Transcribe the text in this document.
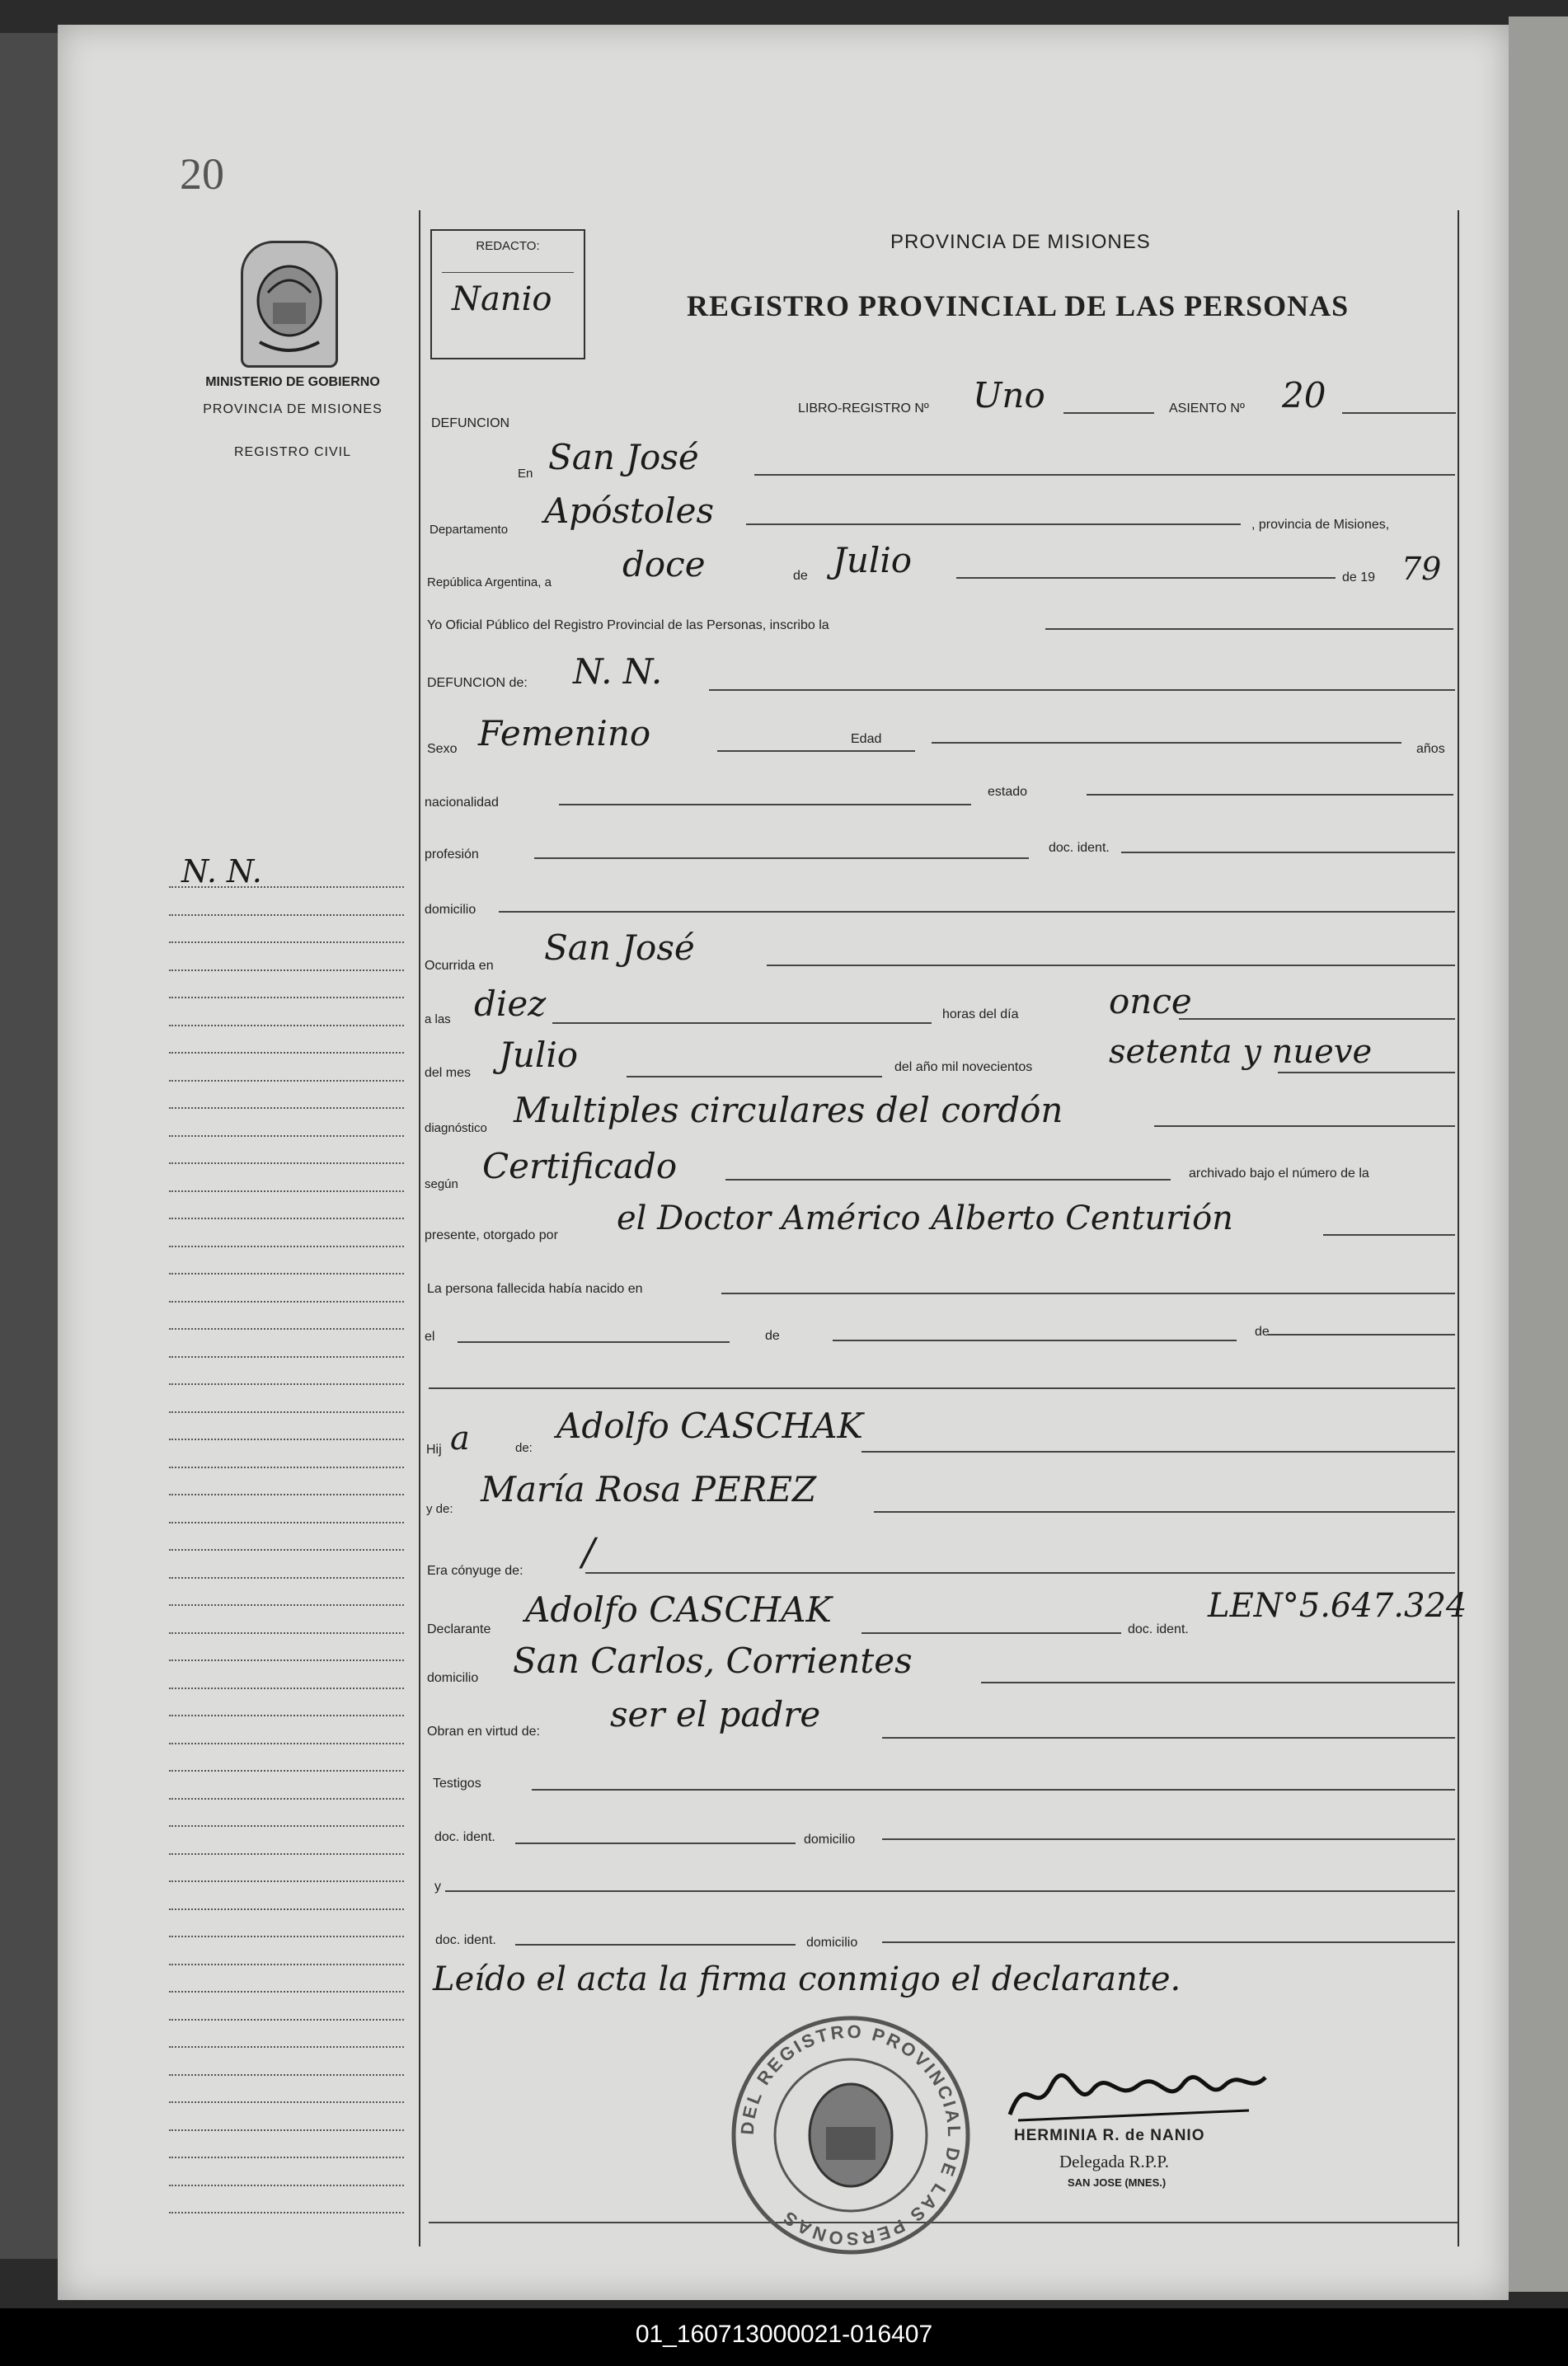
20
MINISTERIO DE GOBIERNO
PROVINCIA DE MISIONES
REGISTRO CIVIL
N. N.
REDACTO:
Nanio
PROVINCIA DE MISIONES
REGISTRO PROVINCIAL DE LAS PERSONAS
DEFUNCION
LIBRO-REGISTRO Nº Uno	ASIENTO Nº 20
En San José
Departamento Apóstoles	, provincia de Misiones,
República Argentina, a doce	de Julio	de 19 79
Yo Oficial Público del Registro Provincial de las Personas, inscribo la
DEFUNCION de: N. N.
Sexo Femenino	Edad
años
nacionalidad
estado
profesión	doc. ident.
domicilio
Ocurrida en San José
a las diez	horas del día	once
del mes Julio	del año mil novecientos setenta y nueve
diagnóstico Multiples circulares del cordón
según Certificado	archivado bajo el número de la
presente, otorgado por el Doctor Américo Alberto Centurión
La persona fallecida había nacido en
el	de	de
Hij a	de:
Adolfo CASCHAK
y de: María Rosa PEREZ
Era cónyuge de: /
Declarante Adolfo CASCHAK	doc. ident.
LEN°5.647.324
domicilio San Carlos, Corrientes
Obran en virtud de: ser el padre
Testigos
doc. ident.	domicilio
y
doc. ident.	domicilio
Leído el acta la firma conmigo el declarante.
DEL REGISTRO PROVINCIAL DE LAS PERSONAS
HERMINIA R. de NANIO
Delegada R.P.P.
SAN JOSE (MNES.)
01_160713000021-016407
